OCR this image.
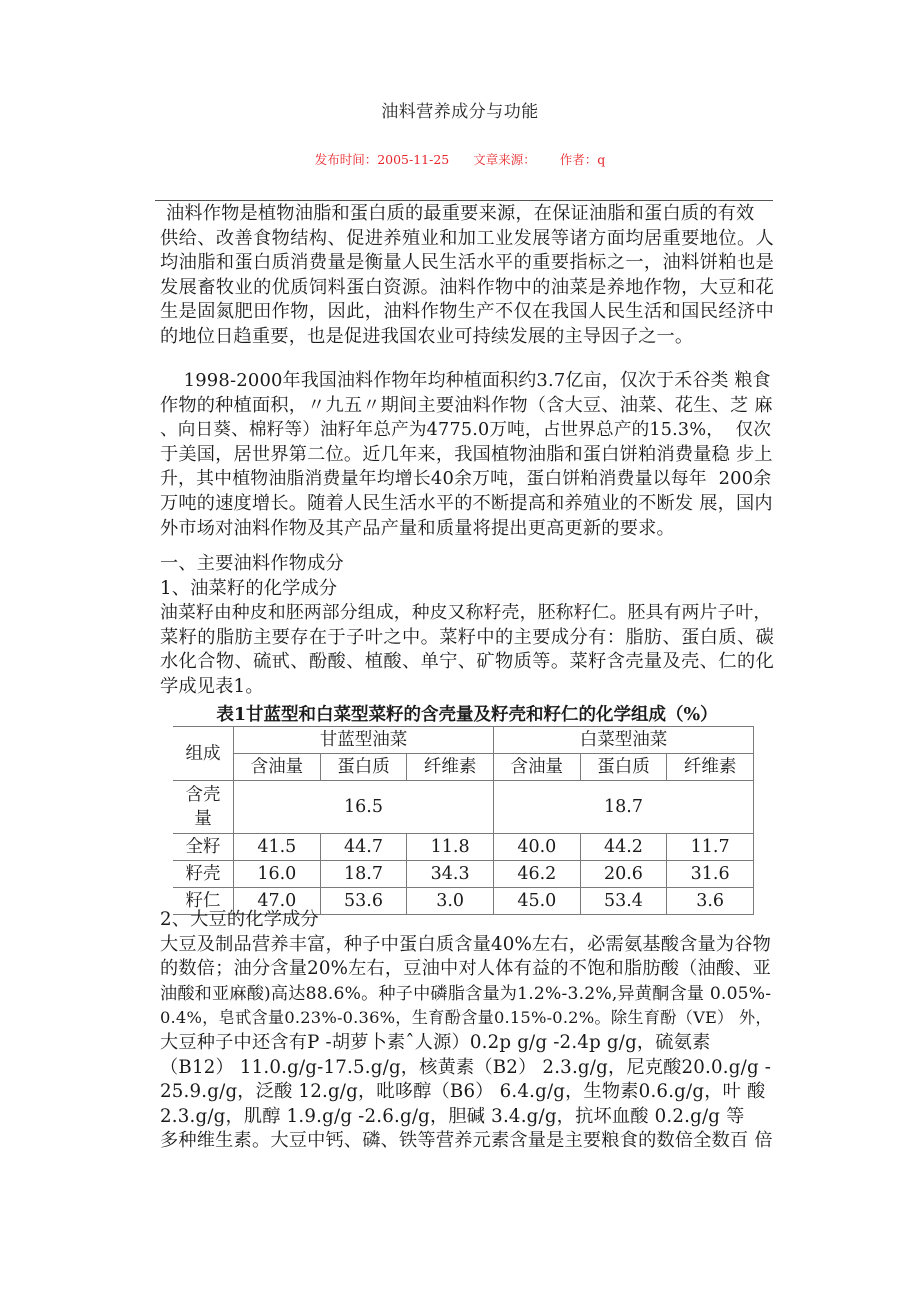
油料营养成分与功能
发布时间：2005-11-25 文章来源： 作者：q
油料作物是植物油脂和蛋白质的最重要来源，在保证油脂和蛋白质的有效
供给、改善食物结构、促进养殖业和加工业发展等诸方面均居重要地位。人
均油脂和蛋白质消费量是衡量人民生活水平的重要指标之一，油料饼粕也是
发展畜牧业的优质饲料蛋白资源。油料作物中的油菜是养地作物，大豆和花
生是固氮肥田作物，因此，油料作物生产不仅在我国人民生活和国民经济中
的地位日趋重要，也是促进我国农业可持续发展的主导因子之一。
1998-2000年我国油料作物年均种植面积约3.7亿亩，仅次于禾谷类 粮食
作物的种植面积，〃九五〃期间主要油料作物（含大豆、油菜、花生、芝 麻
、向日葵、棉籽等）油籽年总产为4775.0万吨，占世界总产的15.3%，  仅次
于美国，居世界第二位。近几年来，我国植物油脂和蛋白饼粕消费量稳 步上
升，其中植物油脂消费量年均增长40余万吨，蛋白饼粕消费量以每年  200余
万吨的速度增长。随着人民生活水平的不断提高和养殖业的不断发 展，国内
外市场对油料作物及其产品产量和质量将提出更高更新的要求。
一、主要油料作物成分
1、油菜籽的化学成分
油菜籽由种皮和胚两部分组成，种皮又称籽壳，胚称籽仁。胚具有两片子叶，
菜籽的脂肪主要存在于子叶之中。菜籽中的主要成分有：脂肪、蛋白质、碳
水化合物、硫甙、酚酸、植酸、单宁、矿物质等。菜籽含壳量及壳、仁的化
学成见表1。
表1甘蓝型和白菜型菜籽的含壳量及籽壳和籽仁的化学组成（%）
组成	甘蓝型油菜			白菜型油菜		
	含油量	蛋白质	纤维素	含油量	蛋白质	纤维素

含壳
量	16.5			18.7		
全籽	41.5	44.7	11.8	40.0	44.2	11.7
籽壳	16.0	18.7	34.3	46.2	20.6	31.6
籽仁	47.0	53.6	3.0	45.0	53.4	3.6
2、大豆的化学成分
大豆及制品营养丰富，种子中蛋白质含量40%左右，必需氨基酸含量为谷物
的数倍；油分含量20%左右，豆油中对人体有益的不饱和脂肪酸（油酸、亚
油酸和亚麻酸)高达88.6%。种子中磷脂含量为1.2%-3.2%,异黄酮含量 0.05%-
0.4%，皂甙含量0.23%-0.36%，生育酚含量0.15%-0.2%。除生育酚（VE） 外，
大豆种子中还含有P -胡萝卜素ˆ人源）0.2p g/g -2.4p g/g，硫氨素
（B12） 11.0.g/g-17.5.g/g，核黄素（B2） 2.3.g/g，尼克酸20.0.g/g -
25.9.g/g，泛酸 12.g/g，吡哆醇（B6） 6.4.g/g，生物素0.6.g/g，叶 酸
2.3.g/g，肌醇 1.9.g/g -2.6.g/g，胆碱 3.4.g/g，抗坏血酸 0.2.g/g 等
多种维生素。大豆中钙、磷、铁等营养元素含量是主要粮食的数倍全数百 倍
